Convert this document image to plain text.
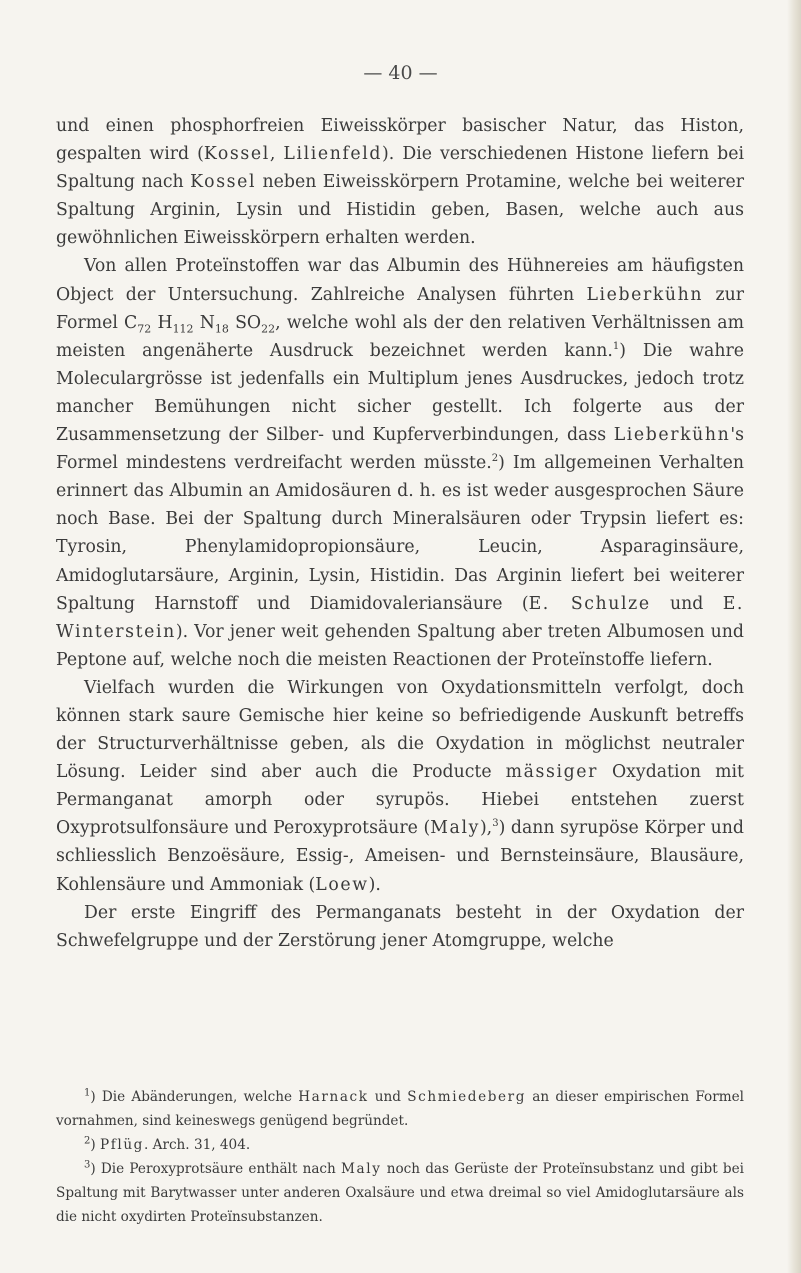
— 40 —

und einen phosphorfreien Eiweisskörper basischer Natur, das Histon, gespalten wird (Kossel, Lilienfeld). Die verschiedenen Histone liefern bei Spaltung nach Kossel neben Eiweisskörpern Protamine, welche bei weiterer Spaltung Arginin, Lysin und Histidin geben, Basen, welche auch aus gewöhnlichen Eiweisskörpern erhalten werden.

Von allen Proteïnstoffen war das Albumin des Hühnereies am häufigsten Object der Untersuchung. Zahlreiche Analysen führten Lieberkühn zur Formel $C_{72}$ $H_{112}$ $N_{18}$ $SO_{22}$, welche wohl als der den relativen Verhältnissen am meisten angenäherte Ausdruck bezeichnet werden kann.$^1$) Die wahre Moleculargrösse ist jedenfalls ein Multiplum jenes Ausdruckes, jedoch trotz mancher Bemühungen nicht sicher gestellt. Ich folgerte aus der Zusammensetzung der Silber- und Kupferverbindungen, dass Lieberkühn's Formel mindestens verdreifacht werden müsste.$^2$) Im allgemeinen Verhalten erinnert das Albumin an Amidosäuren d. h. es ist weder ausgesprochen Säure noch Base. Bei der Spaltung durch Mineralsäuren oder Trypsin liefert es: Tyrosin, Phenylamidopropionsäure, Leucin, Asparaginsäure, Amidoglutarsäure, Arginin, Lysin, Histidin. Das Arginin liefert bei weiterer Spaltung Harnstoff und Diamidovaleriansäure (E. Schulze und E. Winterstein). Vor jener weit gehenden Spaltung aber treten Albumosen und Peptone auf, welche noch die meisten Reactionen der Proteïnstoffe liefern.

Vielfach wurden die Wirkungen von Oxydationsmitteln verfolgt, doch können stark saure Gemische hier keine so befriedigende Auskunft betreffs der Structurverhältnisse geben, als die Oxydation in möglichst neutraler Lösung. Leider sind aber auch die Producte mässiger Oxydation mit Permanganat amorph oder syrupös. Hiebei entstehen zuerst Oxyprotsulfonsäure und Peroxyprotsäure (Maly),$^3$) dann syrupöse Körper und schliesslich Benzoësäure, Essig-, Ameisen- und Bernsteinsäure, Blausäure, Kohlensäure und Ammoniak (Loew).

Der erste Eingriff des Permanganats besteht in der Oxydation der Schwefelgruppe und der Zerstörung jener Atomgruppe, welche

$^1$) Die Abänderungen, welche Harnack und Schmiedeberg an dieser empirischen Formel vornahmen, sind keineswegs genügend begründet.

$^2$) Pflüg. Arch. 31, 404.

$^3$) Die Peroxyprotsäure enthält nach Maly noch das Gerüste der Proteïnsubstanz und gibt bei Spaltung mit Barytwasser unter anderen Oxalsäure und etwa dreimal so viel Amidoglutarsäure als die nicht oxydirten Proteïnsubstanzen.
